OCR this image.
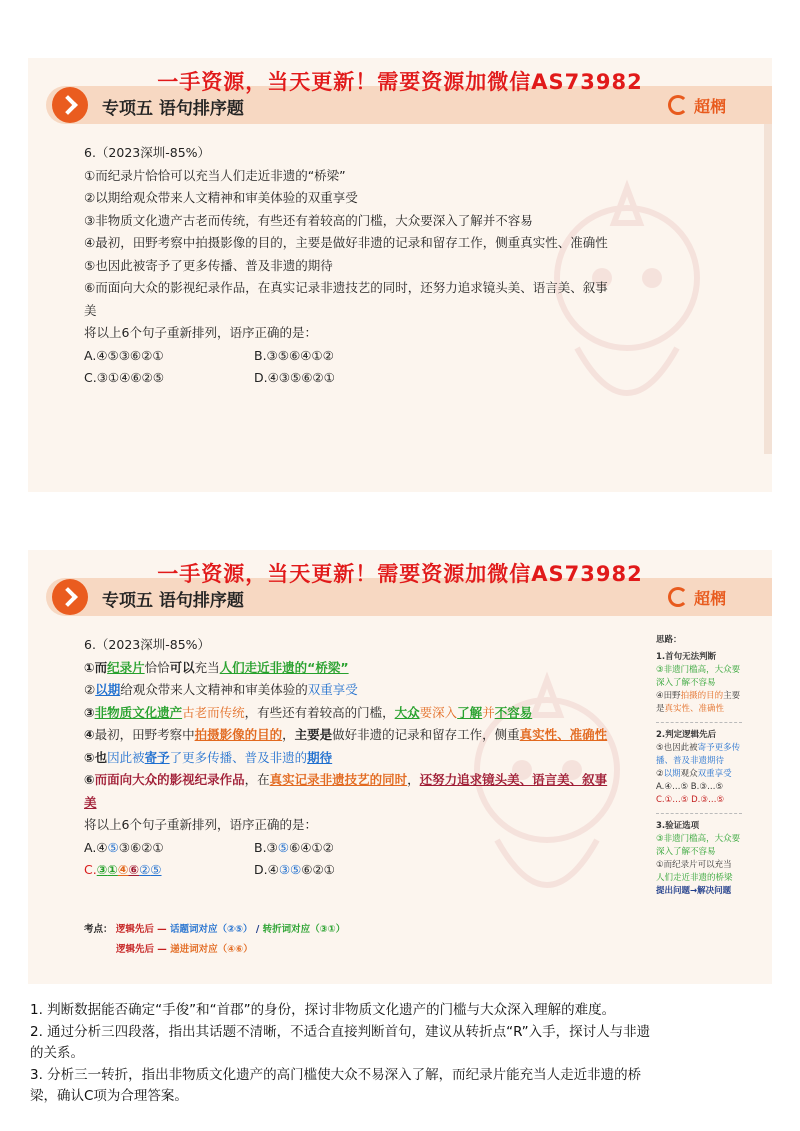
一手资源，当天更新！需要资源加微信AS73982
专项五 语句排序题	超棢
6.（2023深圳-85%）
①而纪录片恰恰可以充当人们走近非遗的“桥梁”
②以期给观众带来人文精神和审美体验的双重享受
③非物质文化遗产古老而传统，有些还有着较高的门槛，大众要深入了解并不容易
④最初，田野考察中拍摄影像的目的，主要是做好非遗的记录和留存工作，侧重真实性、准确性
⑤也因此被寄予了更多传播、普及非遗的期待
⑥而面向大众的影视纪录作品，在真实记录非遗技艺的同时，还努力追求镜头美、语言美、叙事
美
将以上6个句子重新排列，语序正确的是：
A.④⑤③⑥②①	B.③⑤⑥④①②
C.③①④⑥②⑤	D.④③⑤⑥②①
一手资源，当天更新！需要资源加微信AS73982
专项五 语句排序题	超棢
6.（2023深圳-85%）
①而纪录片恰恰可以充当人们走近非遗的“桥梁”
②以期给观众带来人文精神和审美体验的双重享受
③非物质文化遗产古老而传统，有些还有着较高的门槛，大众要深入了解并不容易
④最初，田野考察中拍摄影像的目的，主要是做好非遗的记录和留存工作，侧重真实性、准确性
⑤也因此被寄予了更多传播、普及非遗的期待
⑥而面向大众的影视纪录作品，在真实记录非遗技艺的同时，还努力追求镜头美、语言美、叙事
美
将以上6个句子重新排列，语序正确的是：
A.④⑤③⑥②①	B.③⑤⑥④①②
C.③①④⑥②⑤	D.④③⑤⑥②①
思路：
1.首句无法判断
③非遗门槛高，大众要深入了解不容易
④田野拍摄的目的主要是真实性、准确性
2.判定逻辑先后
⑤也因此被寄予更多传播、普及非遗期待
②以期观众双重享受
A.④…⑤ B.③…⑤
C.①…⑤ D.③…⑤
3.验证选项
③非遗门槛高，大众要深入了解不容易
①而纪录片可以充当 人们走近非遗的桥梁
提出问题→解决问题
考点： 逻辑先后 — 话题词对应（②⑤） / 转折词对应（③①）
逻辑先后 — 递进词对应（④⑥）
1. 判断数据能否确定“手俊”和“首郡”的身份，探讨非物质文化遗产的门槛与大众深入理解的难度。
2. 通过分析三四段落，指出其话题不清晰，不适合直接判断首句，建议从转折点“R”入手，探讨人与非遗
的关系。
3. 分析三一转折，指出非物质文化遗产的高门槛使大众不易深入了解，而纪录片能充当人走近非遗的桥
梁，确认C项为合理答案。
